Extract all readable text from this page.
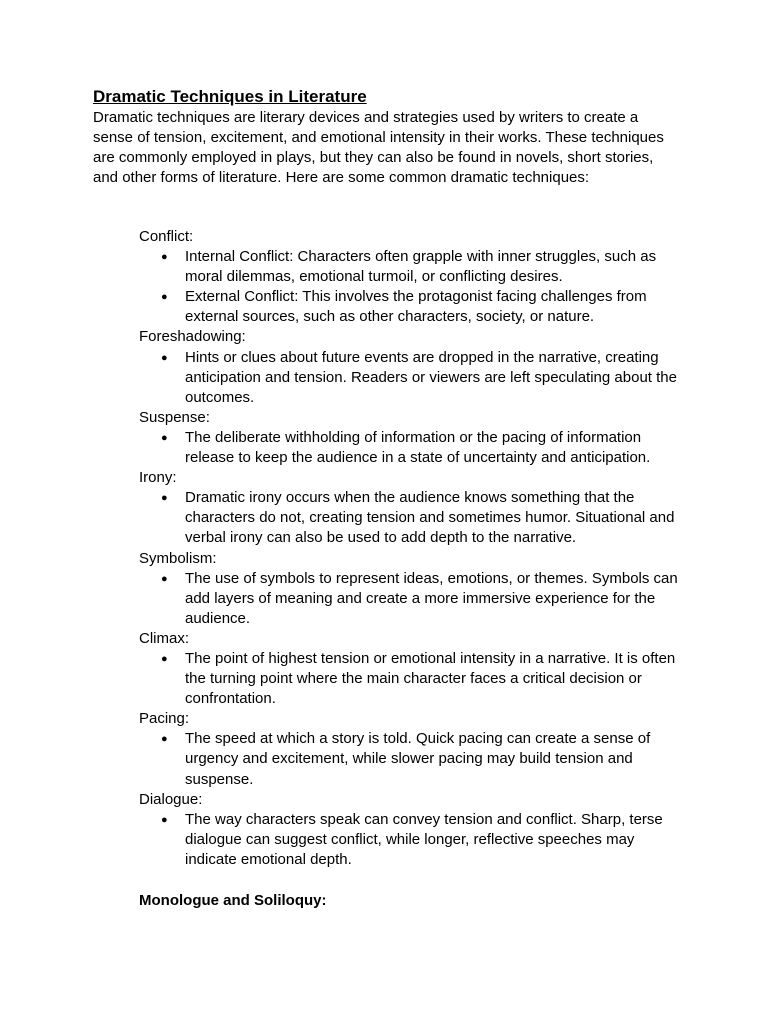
Dramatic Techniques in Literature

Dramatic techniques are literary devices and strategies used by writers to create a sense of tension, excitement, and emotional intensity in their works. These techniques are commonly employed in plays, but they can also be found in novels, short stories, and other forms of literature. Here are some common dramatic techniques:

Conflict:
● Internal Conflict: Characters often grapple with inner struggles, such as moral dilemmas, emotional turmoil, or conflicting desires.
● External Conflict: This involves the protagonist facing challenges from external sources, such as other characters, society, or nature.
Foreshadowing:
● Hints or clues about future events are dropped in the narrative, creating anticipation and tension. Readers or viewers are left speculating about the outcomes.
Suspense:
● The deliberate withholding of information or the pacing of information release to keep the audience in a state of uncertainty and anticipation.
Irony:
● Dramatic irony occurs when the audience knows something that the characters do not, creating tension and sometimes humor. Situational and verbal irony can also be used to add depth to the narrative.
Symbolism:
● The use of symbols to represent ideas, emotions, or themes. Symbols can add layers of meaning and create a more immersive experience for the audience.
Climax:
● The point of highest tension or emotional intensity in a narrative. It is often the turning point where the main character faces a critical decision or confrontation.
Pacing:
● The speed at which a story is told. Quick pacing can create a sense of urgency and excitement, while slower pacing may build tension and suspense.
Dialogue:
● The way characters speak can convey tension and conflict. Sharp, terse dialogue can suggest conflict, while longer, reflective speeches may indicate emotional depth.
Monologue and Soliloquy:
